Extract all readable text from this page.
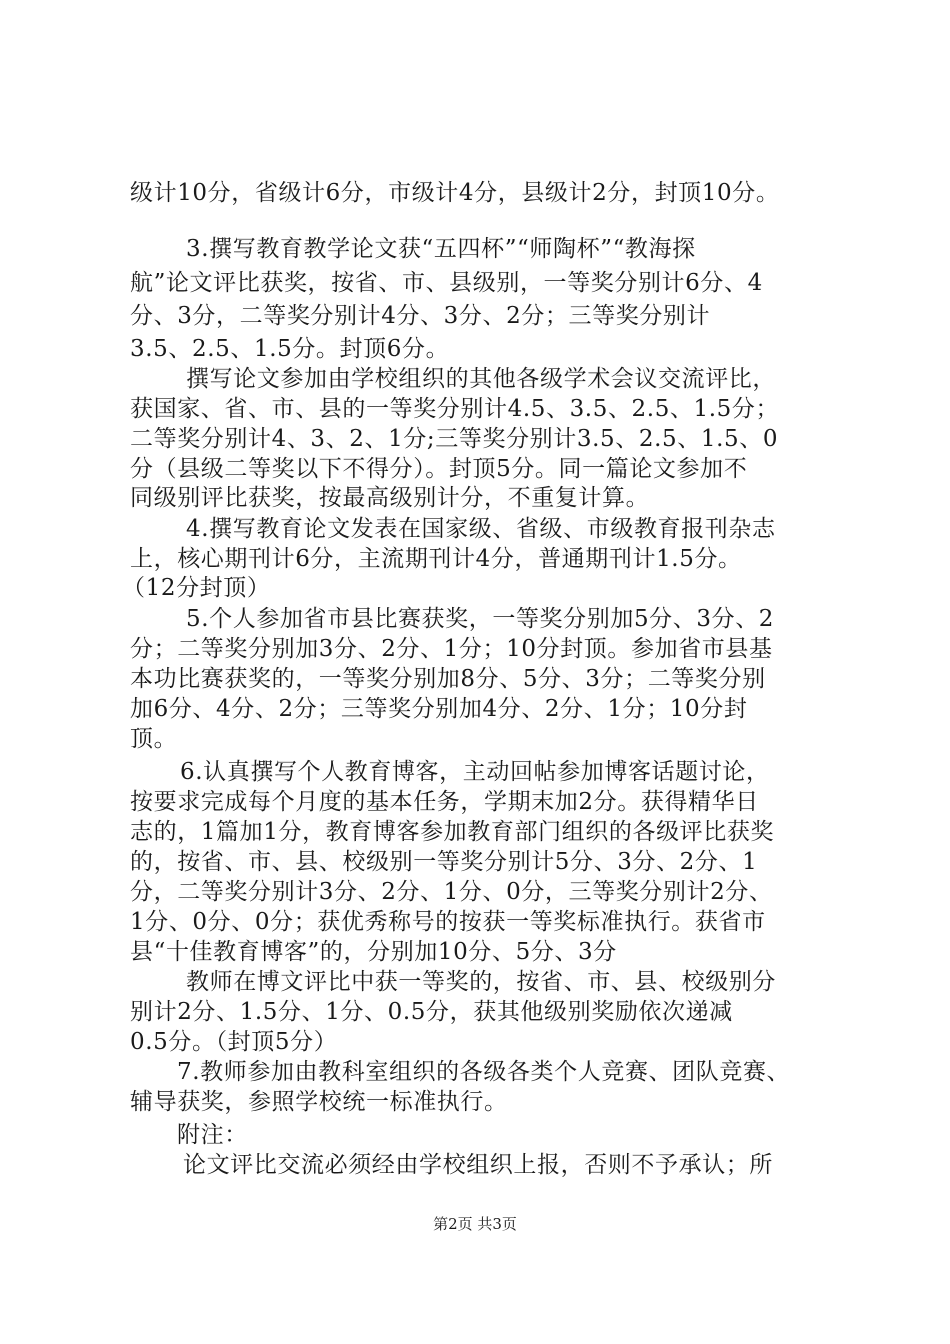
级计10分，省级计6分，市级计4分，县级计2分，封顶10分。
3.撰写教育教学论文获“五四杯”“师陶杯”“教海探
航”论文评比获奖，按省、市、县级别，一等奖分别计6分、4
分、3分，二等奖分别计4分、3分、2分；三等奖分别计
3.5、2.5、1.5分。封顶6分。
撰写论文参加由学校组织的其他各级学术会议交流评比，
获国家、省、市、县的一等奖分别计4.5、3.5、2.5、1.5分；
二等奖分别计4、3、2、1分;三等奖分别计3.5、2.5、1.5、0
分（县级二等奖以下不得分）。封顶5分。同一篇论文参加不
同级别评比获奖，按最高级别计分，不重复计算。
4.撰写教育论文发表在国家级、省级、市级教育报刊杂志
上，核心期刊计6分，主流期刊计4分，普通期刊计1.5分。
（12分封顶）
5.个人参加省市县比赛获奖，一等奖分别加5分、3分、2
分；二等奖分别加3分、2分、1分；10分封顶。参加省市县基
本功比赛获奖的，一等奖分别加8分、5分、3分；二等奖分别
加6分、4分、2分；三等奖分别加4分、2分、1分；10分封
顶。
6.认真撰写个人教育博客，主动回帖参加博客话题讨论，
按要求完成每个月度的基本任务，学期末加2分。获得精华日
志的，1篇加1分，教育博客参加教育部门组织的各级评比获奖
的，按省、市、县、校级别一等奖分别计5分、3分、2分、1
分，二等奖分别计3分、2分、1分、0分，三等奖分别计2分、
1分、0分、0分；获优秀称号的按获一等奖标准执行。获省市
县“十佳教育博客”的，分别加10分、5分、3分
教师在博文评比中获一等奖的，按省、市、县、校级别分
别计2分、1.5分、1分、0.5分，获其他级别奖励依次递减
0.5分。（封顶5分）
7.教师参加由教科室组织的各级各类个人竞赛、团队竞赛、
辅导获奖，参照学校统一标准执行。
附注：
论文评比交流必须经由学校组织上报，否则不予承认；所
第2页 共3页
